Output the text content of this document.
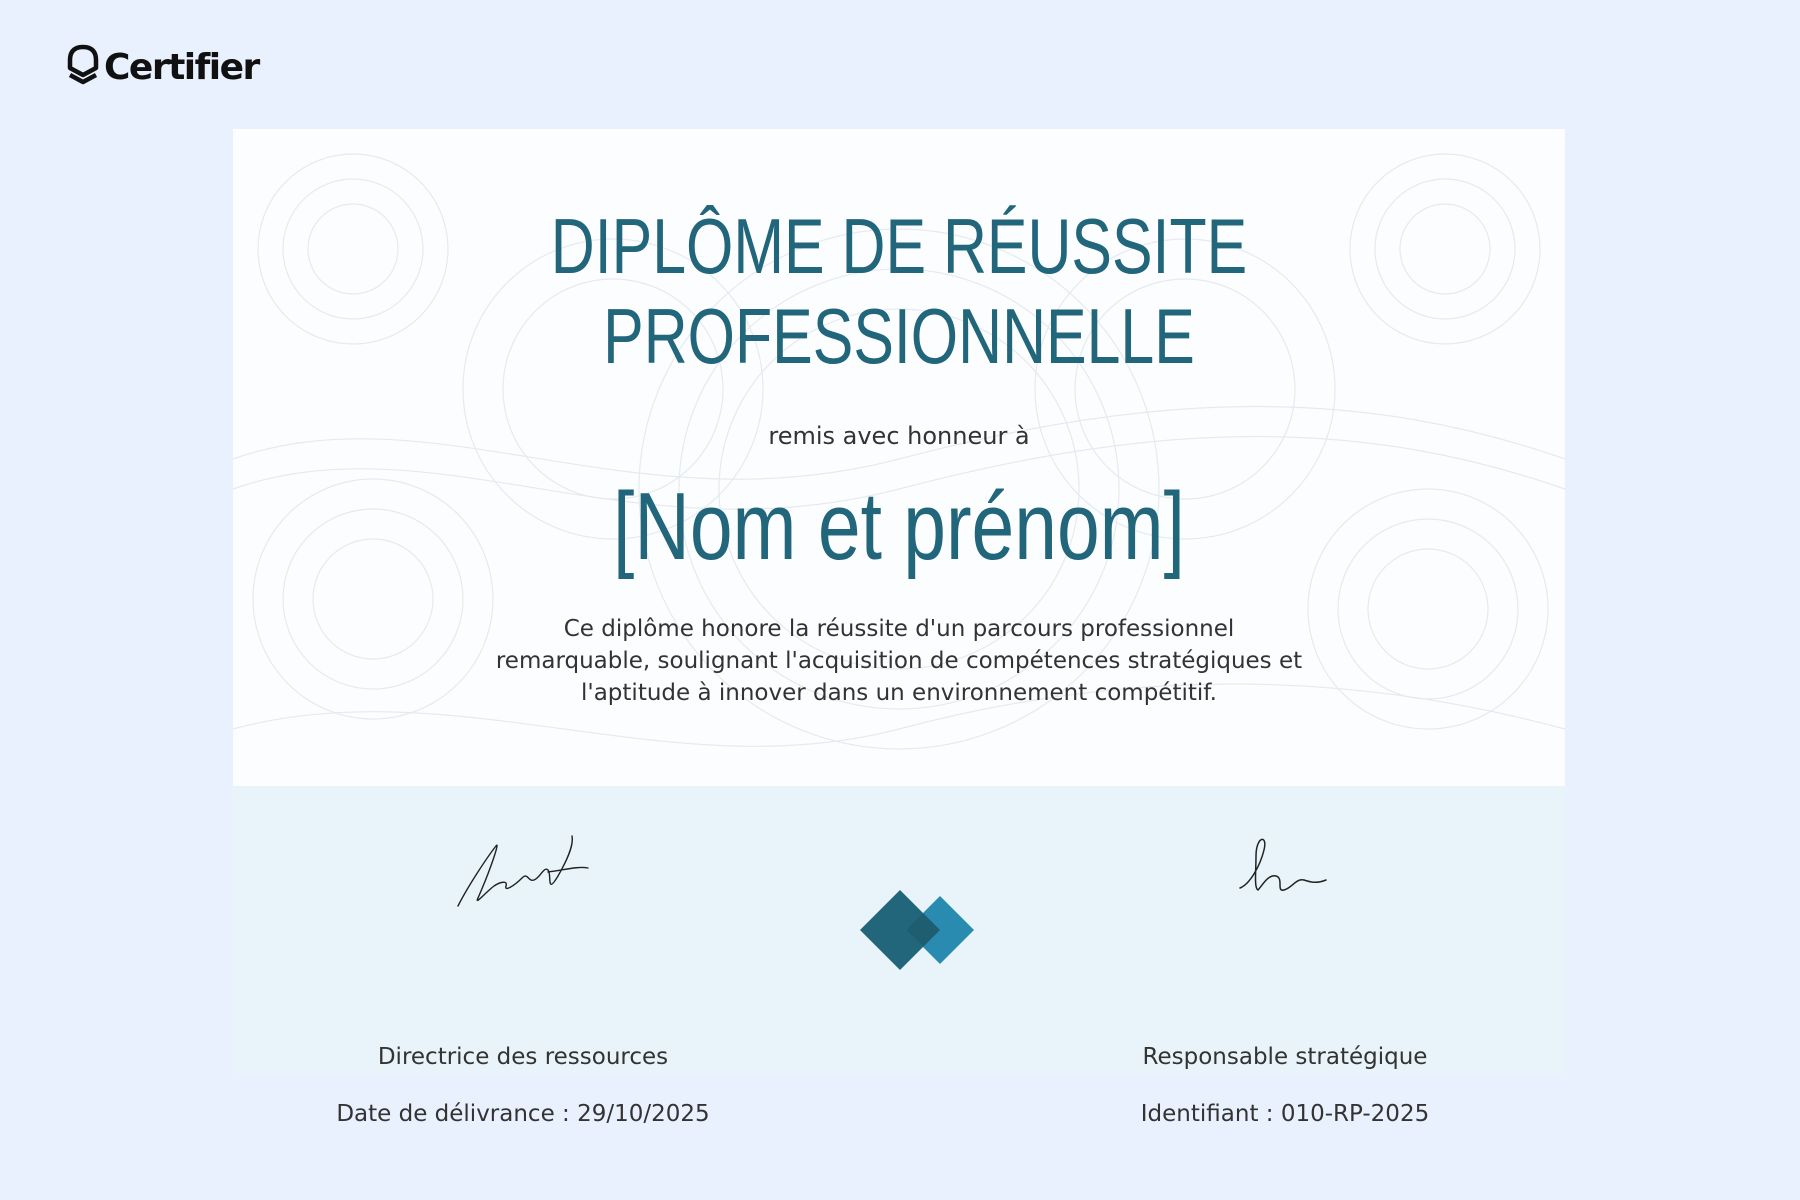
Certifier
DIPLÔME DE RÉUSSITE
PROFESSIONNELLE
remis avec honneur à
[Nom et prénom]
Ce diplôme honore la réussite d'un parcours professionnel remarquable, soulignant l'acquisition de compétences stratégiques et l'aptitude à innover dans un environnement compétitif.
Directrice des ressources
Date de délivrance : 29/10/2025
Responsable stratégique
Identifiant : 010-RP-2025
